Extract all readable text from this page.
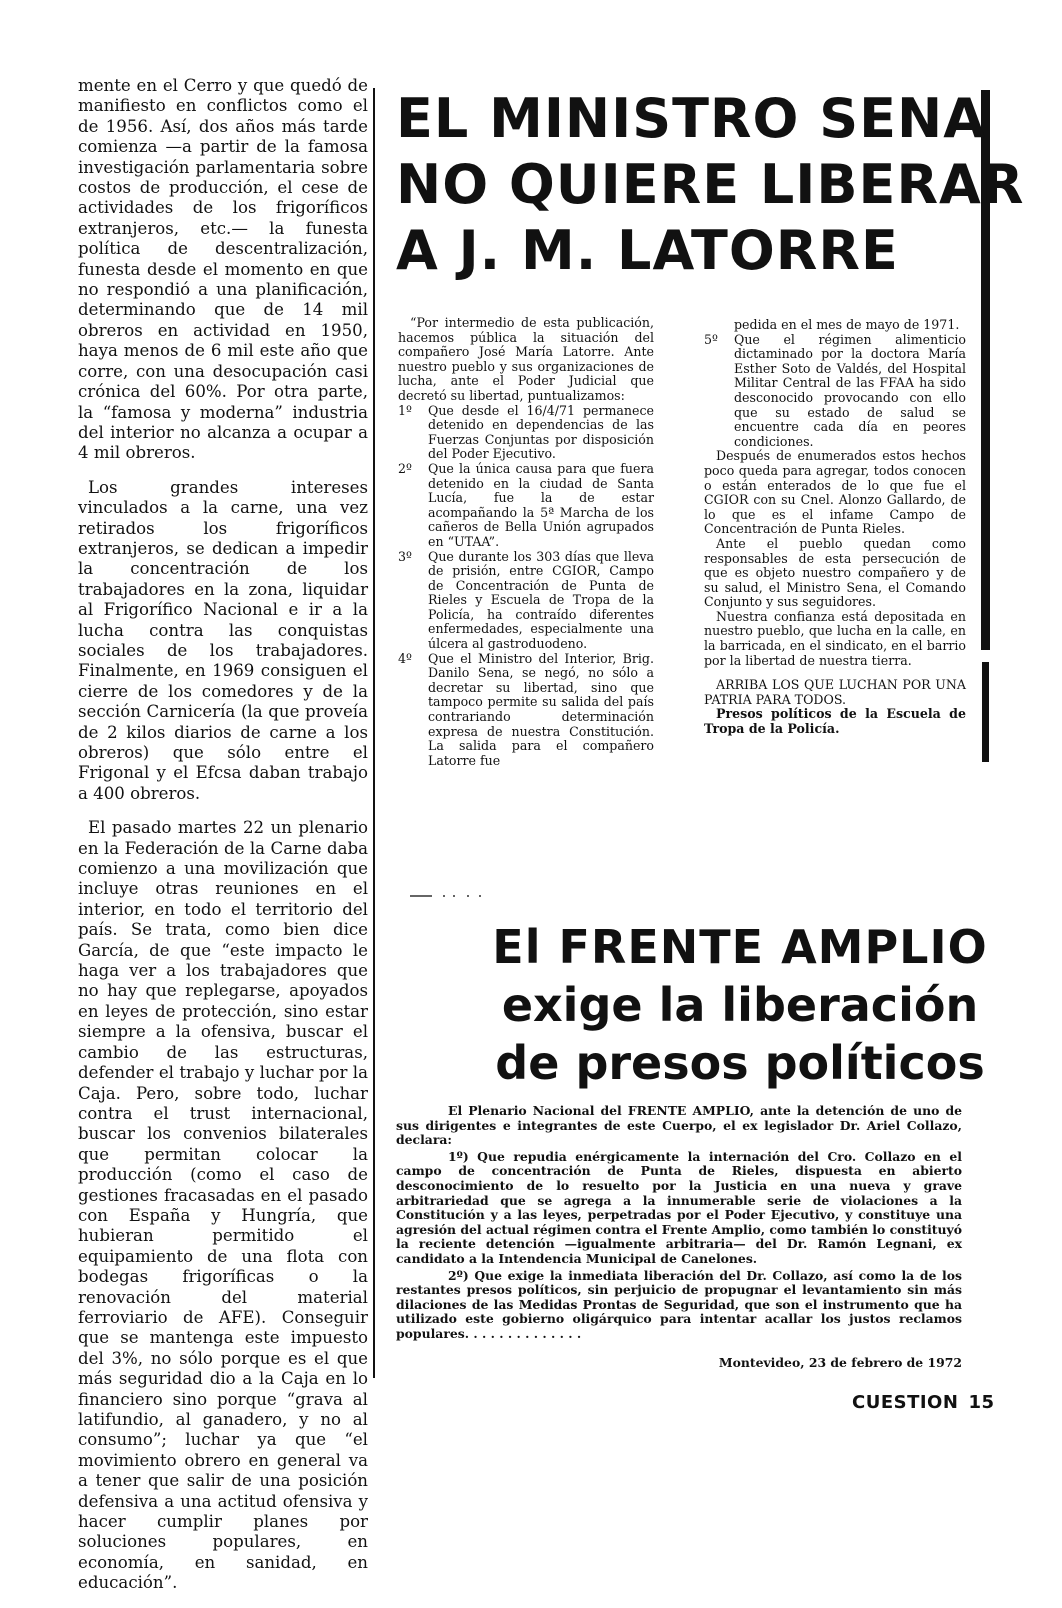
mente en el Cerro y que quedó de manifiesto en conflictos como el de 1956. Así, dos años más tarde comienza —a partir de la famosa investigación parlamentaria sobre costos de producción, el cese de actividades de los frigoríficos extranjeros, etc.— la funesta política de descentralización, funesta desde el momento en que no respondió a una planificación, determinando que de 14 mil obreros en actividad en 1950, haya menos de 6 mil este año que corre, con una desocupación casi crónica del 60%. Por otra parte, la “famosa y moderna” industria del interior no alcanza a ocupar a 4 mil obreros.

Los grandes intereses vinculados a la carne, una vez retirados los frigoríficos extranjeros, se dedican a impedir la concentración de los trabajadores en la zona, liquidar al Frigorífico Nacional e ir a la lucha contra las conquistas sociales de los trabajadores. Finalmente, en 1969 consiguen el cierre de los comedores y de la sección Carnicería (la que proveía de 2 kilos diarios de carne a los obreros) que sólo entre el Frigonal y el Efcsa daban trabajo a 400 obreros.

El pasado martes 22 un plenario en la Federación de la Carne daba comienzo a una movilización que incluye otras reuniones en el interior, en todo el territorio del país. Se trata, como bien dice García, de que “este impacto le haga ver a los trabajadores que no hay que replegarse, apoyados en leyes de protección, sino estar siempre a la ofensiva, buscar el cambio de las estructuras, defender el trabajo y luchar por la Caja. Pero, sobre todo, luchar contra el trust internacional, buscar los convenios bilaterales que permitan colocar la producción (como el caso de gestiones fracasadas en el pasado con España y Hungría, que hubieran permitido el equipamiento de una flota con bodegas frigoríficas o la renovación del material ferroviario de AFE). Conseguir que se mantenga este impuesto del 3%, no sólo porque es el que más seguridad dio a la Caja en lo financiero sino porque “grava al latifundio, al ganadero, y no al consumo”; luchar ya que “el movimiento obrero en general va a tener que salir de una posición defensiva a una actitud ofensiva y hacer cumplir planes por soluciones populares, en economía, en sanidad, en educación”.

EL MINISTRO SENA
NO QUIERE LIBERAR
A J. M. LATORRE

“Por intermedio de esta publicación, hacemos pública la situación del compañero José María Latorre. Ante nuestro pueblo y sus organizaciones de lucha, ante el Poder Judicial que decretó su libertad, puntualizamos:

1º	Que desde el 16/4/71 permanece detenido en dependencias de las Fuerzas Conjuntas por disposición del Poder Ejecutivo.
2º	Que la única causa para que fuera detenido en la ciudad de Santa Lucía, fue la de estar acompañando la 5ª Marcha de los cañeros de Bella Unión agrupados en “UTAA”.
3º	Que durante los 303 días que lleva de prisión, entre CGIOR, Campo de Concentración de Punta de Rieles y Escuela de Tropa de la Policía, ha contraído diferentes enfermedades, especialmente una úlcera al gastroduodeno.
4º	Que el Ministro del Interior, Brig. Danilo Sena, se negó, no sólo a decretar su libertad, sino que tampoco permite su salida del país contrariando determinación expresa de nuestra Constitución. La salida para el compañero Latorre fue

pedida en el mes de mayo de 1971.

5º	Que el régimen alimenticio dictaminado por la doctora María Esther Soto de Valdés, del Hospital Militar Central de las FFAA ha sido desconocido provocando con ello que su estado de salud se encuentre cada día en peores condiciones.

Después de enumerados estos hechos poco queda para agregar, todos conocen o están enterados de lo que fue el CGIOR con su Cnel. Alonzo Gallardo, de lo que es el infame Campo de Concentración de Punta Rieles.

Ante el pueblo quedan como responsables de esta persecución de que es objeto nuestro compañero y de su salud, el Ministro Sena, el Comando Conjunto y sus seguidores.

Nuestra confianza está depositada en nuestro pueblo, que lucha en la calle, en la barricada, en el sindicato, en el barrio por la libertad de nuestra tierra.

ARRIBA LOS QUE LUCHAN POR UNA PATRIA PARA TODOS.

Presos políticos de la Escuela de Tropa de la Policía.

El FRENTE AMPLIO
exige la liberación
de presos políticos

El Plenario Nacional del FRENTE AMPLIO, ante la detención de uno de sus dirigentes e integrantes de este Cuerpo, el ex legislador Dr. Ariel Collazo, declara:

1º) Que repudia enérgicamente la internación del Cro. Collazo en el campo de concentración de Punta de Rieles, dispuesta en abierto desconocimiento de lo resuelto por la Justicia en una nueva y grave arbitrariedad que se agrega a la innumerable serie de violaciones a la Constitución y a las leyes, perpetradas por el Poder Ejecutivo, y constituye una agresión del actual régimen contra el Frente Amplio, como también lo constituyó la reciente detención —igualmente arbitraria— del Dr. Ramón Legnani, ex candidato a la Intendencia Municipal de Canelones.

2º) Que exige la inmediata liberación del Dr. Collazo, así como la de los restantes presos políticos, sin perjuicio de propugnar el levantamiento sin más dilaciones de las Medidas Prontas de Seguridad, que son el instrumento que ha utilizado este gobierno oligárquico para intentar acallar los justos reclamos populares. . . . . . . . . . . . . .

Montevideo, 23 de febrero de 1972

CUESTION 15
